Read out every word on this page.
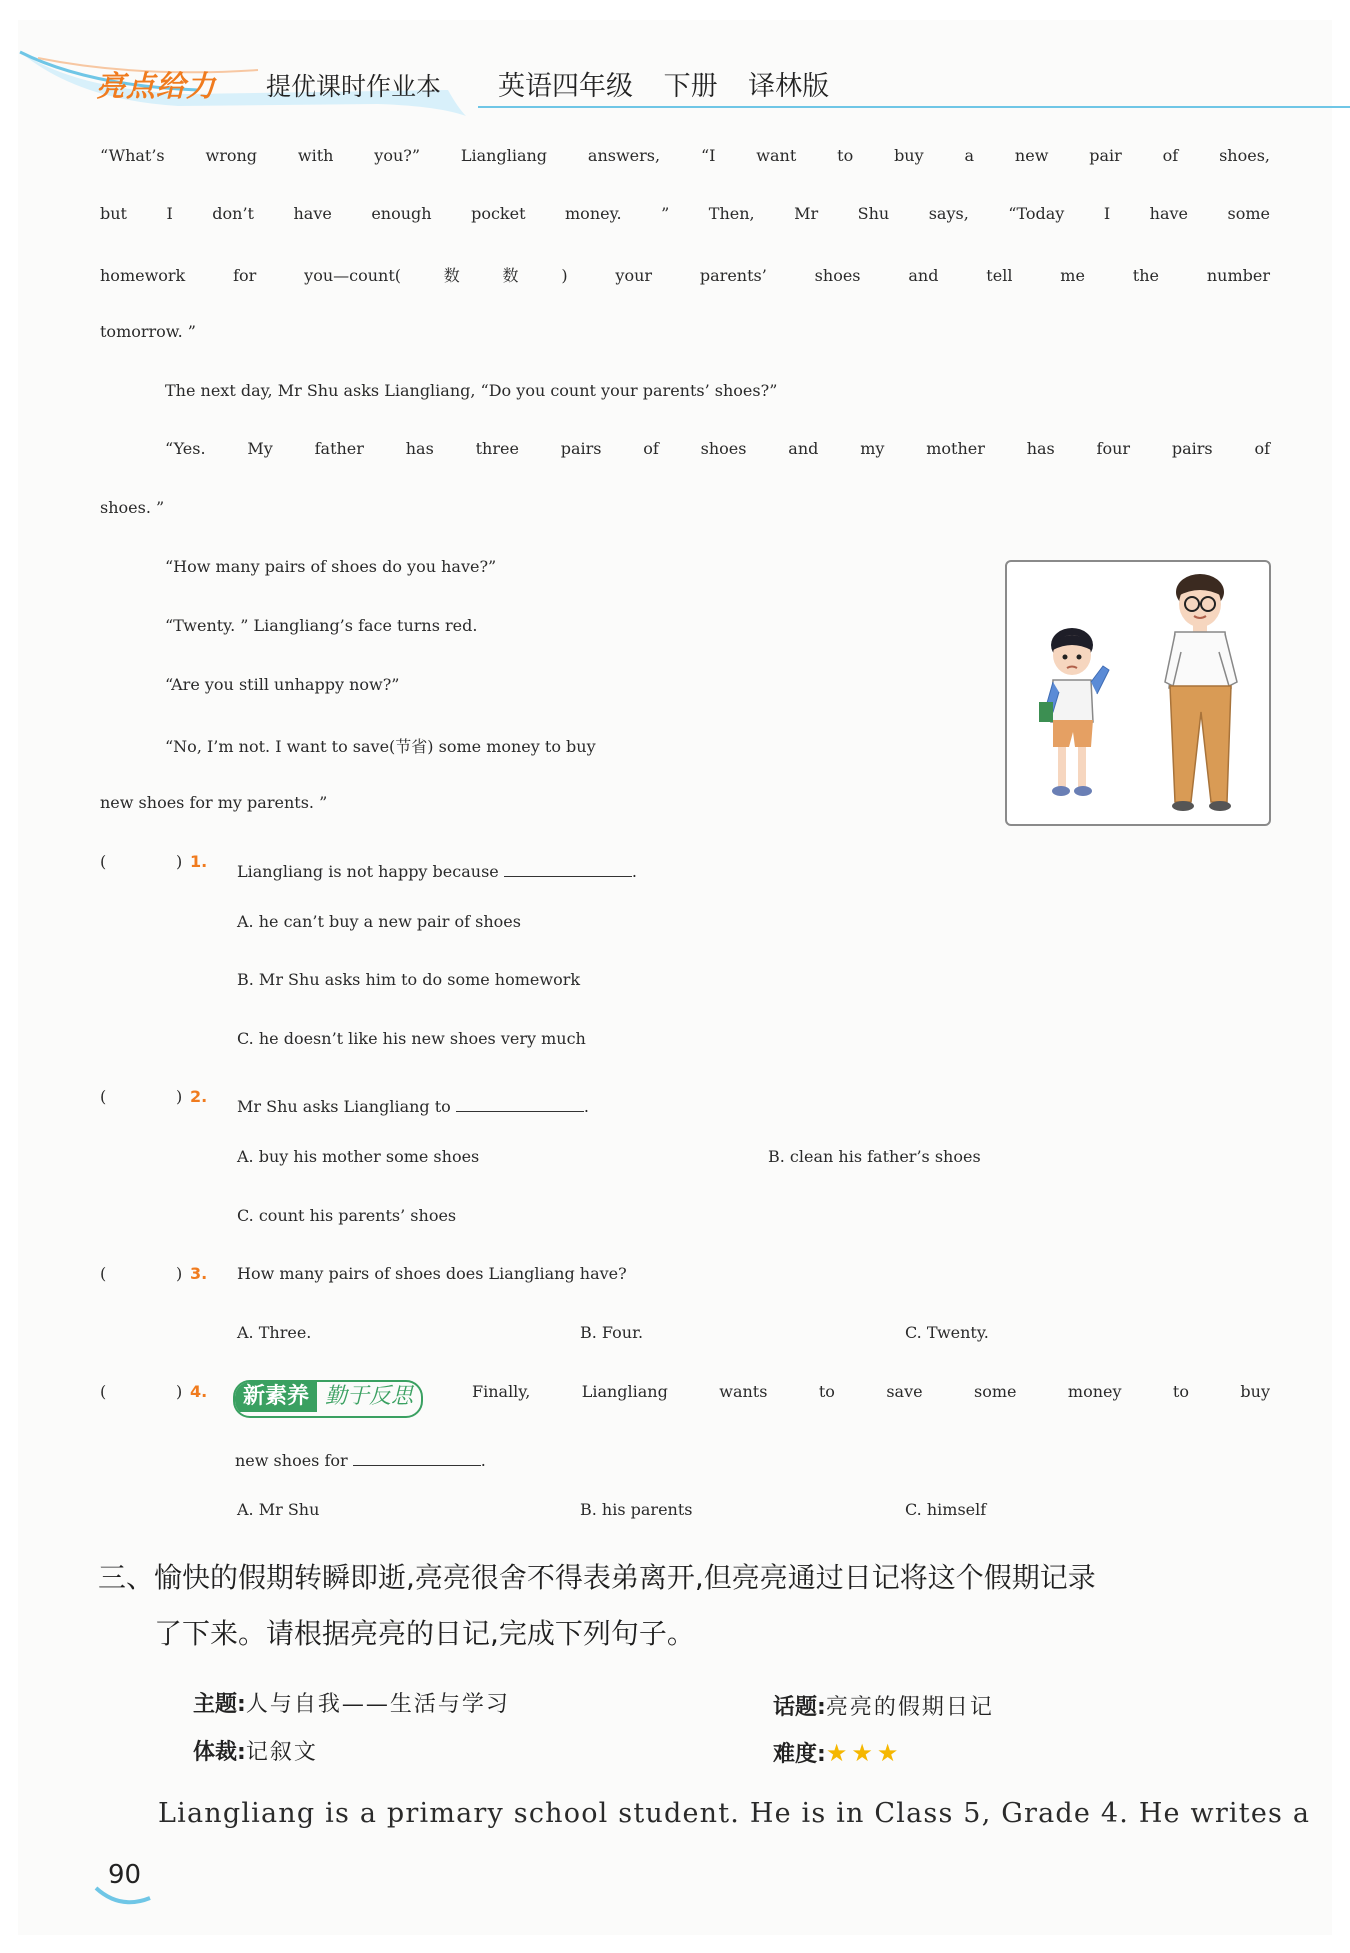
亮点给力 提优课时作业本 英语四年级 下册 译林版
“What’s wrong with you?” Liangliang answers, “I want to buy a new pair of shoes,
but I don’t have enough pocket money. ” Then, Mr Shu says, “Today I have some
homework for you—count(数数) your parents’ shoes and tell me the number
tomorrow. ”
The next day, Mr Shu asks Liangliang, “Do you count your parents’ shoes?”
“Yes. My father has three pairs of shoes and my mother has four pairs of
shoes. ”
“How many pairs of shoes do you have?”
“Twenty. ” Liangliang’s face turns red.
“Are you still unhappy now?”
“No, I’m not. I want to save(节省) some money to buy
new shoes for my parents. ”
(	) 1.
Liangliang is not happy because	.
A. he can’t buy a new pair of shoes
B. Mr Shu asks him to do some homework
C. he doesn’t like his new shoes very much
(	) 2.
Mr Shu asks Liangliang to	.
A. buy his mother some shoes	B. clean his father’s shoes
C. count his parents’ shoes
(	) 3. How many pairs of shoes does Liangliang have?
A. Three.	B. Four.	C. Twenty.
(	) 4.	新素养 勤于反思	Finally, Liangliang wants to save some money to buy
new shoes for	.
A. Mr Shu	B. his parents	C. himself
三、愉快的假期转瞬即逝,亮亮很舍不得表弟离开,但亮亮通过日记将这个假期记录
了下来。请根据亮亮的日记,完成下列句子。
主题:人与自我——生活与学习	话题:亮亮的假期日记
体裁:记叙文	难度:★★★
Liangliang is a primary school student. He is in Class 5, Grade 4. He writes a
90
